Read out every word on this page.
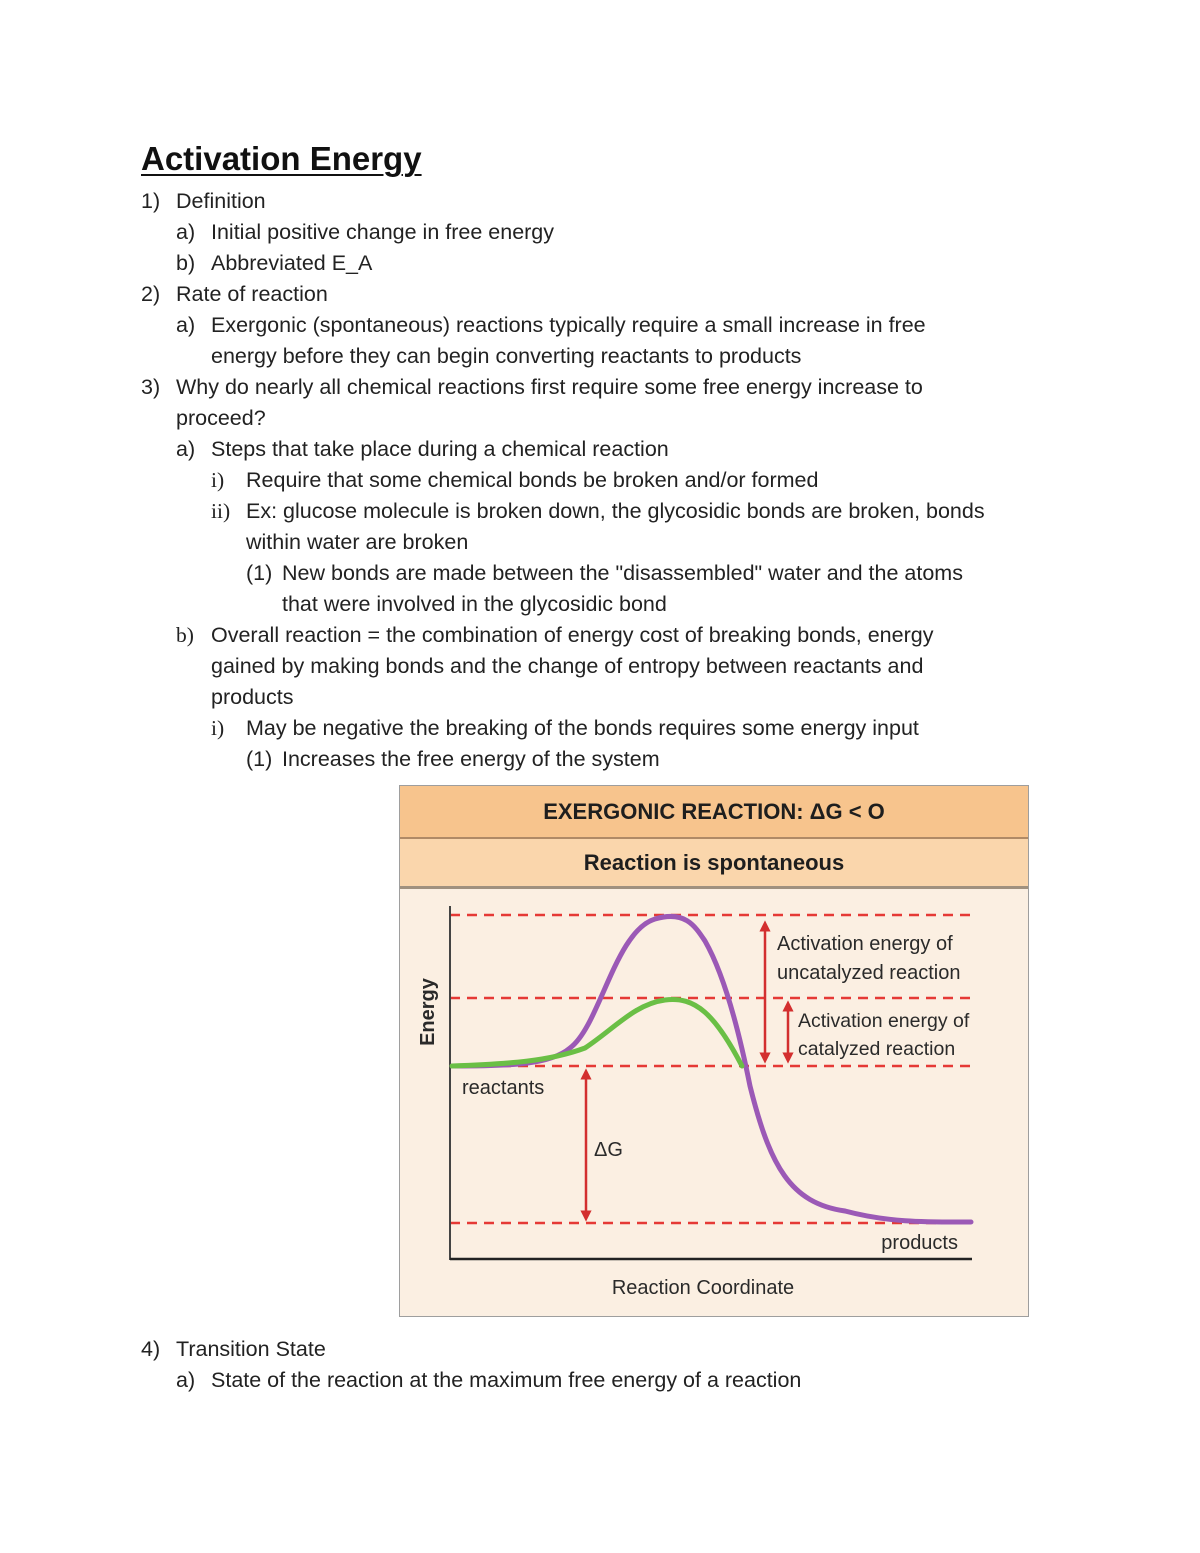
Activation Energy
1) Definition
a) Initial positive change in free energy
b) Abbreviated E_A
2) Rate of reaction
a) Exergonic (spontaneous) reactions typically require a small increase in free
energy before they can begin converting reactants to products
3) Why do nearly all chemical reactions first require some free energy increase to
proceed?
a) Steps that take place during a chemical reaction
i) Require that some chemical bonds be broken and/or formed
ii) Ex: glucose molecule is broken down, the glycosidic bonds are broken, bonds
within water are broken
(1) New bonds are made between the "disassembled" water and the atoms
that were involved in the glycosidic bond
b) Overall reaction = the combination of energy cost of breaking bonds, energy
gained by making bonds and the change of entropy between reactants and
products
i) May be negative the breaking of the bonds requires some energy input
(1) Increases the free energy of the system
EXERGONIC REACTION: ΔG < O
Reaction is spontaneous
Energy
reactants
ΔG
products
Activation energy of
uncatalyzed reaction
Activation energy of
catalyzed reaction
Reaction Coordinate
4) Transition State
a) State of the reaction at the maximum free energy of a reaction
